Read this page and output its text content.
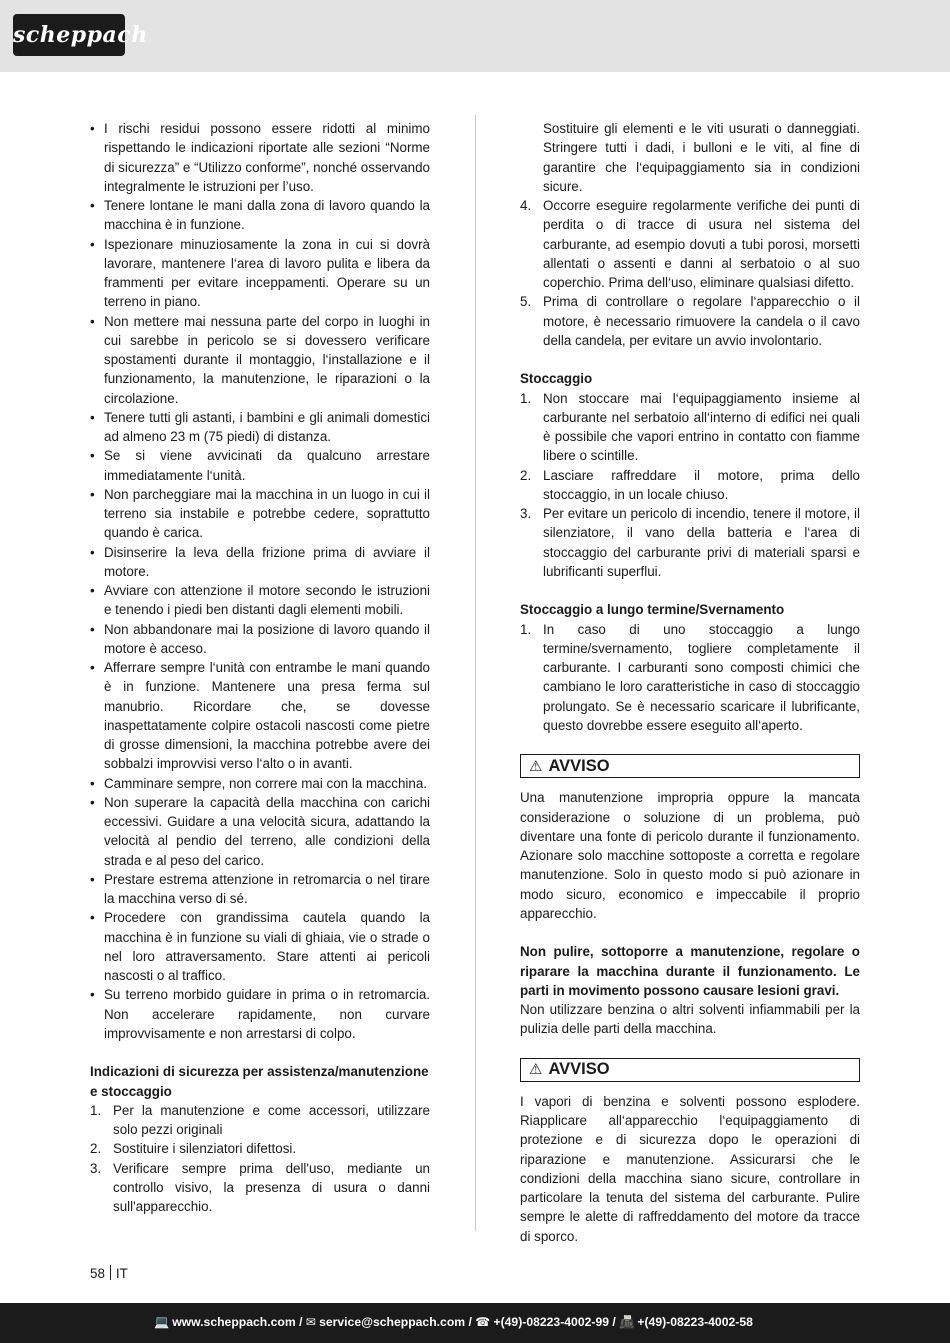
scheppach
• I rischi residui possono essere ridotti al minimo rispettando le indicazioni riportate alle sezioni “Norme di sicurezza” e “Utilizzo conforme”, nonché osservando integralmente le istruzioni per l’uso.
• Tenere lontane le mani dalla zona di lavoro quando la macchina è in funzione.
• Ispezionare minuziosamente la zona in cui si dovrà lavorare, mantenere l‘area di lavoro pulita e libera da frammenti per evitare inceppamenti. Operare su un terreno in piano.
• Non mettere mai nessuna parte del corpo in luoghi in cui sarebbe in pericolo se si dovessero verificare spostamenti durante il montaggio, l‘installazione e il funzionamento, la manutenzione, le riparazioni o la circolazione.
• Tenere tutti gli astanti, i bambini e gli animali domestici ad almeno 23 m (75 piedi) di distanza.
• Se si viene avvicinati da qualcuno arrestare immediatamente l‘unità.
• Non parcheggiare mai la macchina in un luogo in cui il terreno sia instabile e potrebbe cedere, soprattutto quando è carica.
• Disinserire la leva della frizione prima di avviare il motore.
• Avviare con attenzione il motore secondo le istruzioni e tenendo i piedi ben distanti dagli elementi mobili.
• Non abbandonare mai la posizione di lavoro quando il motore è acceso.
• Afferrare sempre l‘unità con entrambe le mani quando è in funzione. Mantenere una presa ferma sul manubrio. Ricordare che, se dovesse inaspettatamente colpire ostacoli nascosti come pietre di grosse dimensioni, la macchina potrebbe avere dei sobbalzi improvvisi verso l‘alto o in avanti.
• Camminare sempre, non correre mai con la macchina.
• Non superare la capacità della macchina con carichi eccessivi. Guidare a una velocità sicura, adattando la velocità al pendio del terreno, alle condizioni della strada e al peso del carico.
• Prestare estrema attenzione in retromarcia o nel tirare la macchina verso di sé.
• Procedere con grandissima cautela quando la macchina è in funzione su viali di ghiaia, vie o strade o nel loro attraversamento. Stare attenti ai pericoli nascosti o al traffico.
• Su terreno morbido guidare in prima o in retromarcia. Non accelerare rapidamente, non curvare improvvisamente e non arrestarsi di colpo.
Indicazioni di sicurezza per assistenza/manutenzione e stoccaggio
1. Per la manutenzione e come accessori, utilizzare solo pezzi originali
2. Sostituire i silenziatori difettosi.
3. Verificare sempre prima dell'uso, mediante un controllo visivo, la presenza di usura o danni sull'apparecchio.
Sostituire gli elementi e le viti usurati o danneggiati. Stringere tutti i dadi, i bulloni e le viti, al fine di garantire che l‘equipaggiamento sia in condizioni sicure.
4. Occorre eseguire regolarmente verifiche dei punti di perdita o di tracce di usura nel sistema del carburante, ad esempio dovuti a tubi porosi, morsetti allentati o assenti e danni al serbatoio o al suo coperchio. Prima dell‘uso, eliminare qualsiasi difetto.
5. Prima di controllare o regolare l‘apparecchio o il motore, è necessario rimuovere la candela o il cavo della candela, per evitare un avvio involontario.
Stoccaggio
1. Non stoccare mai l‘equipaggiamento insieme al carburante nel serbatoio all‘interno di edifici nei quali è possibile che vapori entrino in contatto con fiamme libere o scintille.
2. Lasciare raffreddare il motore, prima dello stoccaggio, in un locale chiuso.
3. Per evitare un pericolo di incendio, tenere il motore, il silenziatore, il vano della batteria e l‘area di stoccaggio del carburante privi di materiali sparsi e lubrificanti superflui.
Stoccaggio a lungo termine/Svernamento
1. In caso di uno stoccaggio a lungo termine/svernamento, togliere completamente il carburante. I carburanti sono composti chimici che cambiano le loro caratteristiche in caso di stoccaggio prolungato. Se è necessario scaricare il lubrificante, questo dovrebbe essere eseguito all‘aperto.
⚠ AVVISO

Una manutenzione impropria oppure la mancata considerazione o soluzione di un problema, può diventare una fonte di pericolo durante il funzionamento. Azionare solo macchine sottoposte a corretta e regolare manutenzione. Solo in questo modo si può azionare in modo sicuro, economico e impeccabile il proprio apparecchio.

Non pulire, sottoporre a manutenzione, regolare o riparare la macchina durante il funzionamento. Le parti in movimento possono causare lesioni gravi.

Non utilizzare benzina o altri solventi infiammabili per la pulizia delle parti della macchina.

⚠ AVVISO

I vapori di benzina e solventi possono esplodere. Riapplicare all‘apparecchio l‘equipaggiamento di protezione e di sicurezza dopo le operazioni di riparazione e manutenzione. Assicurarsi che le condizioni della macchina siano sicure, controllare in particolare la tenuta del sistema del carburante. Pulire sempre le alette di raffreddamento del motore da tracce di sporco.

58 IT
💻 www.scheppach.com / ✉ service@scheppach.com / ☎ +(49)-08223-4002-99 / 📠 +(49)-08223-4002-58
